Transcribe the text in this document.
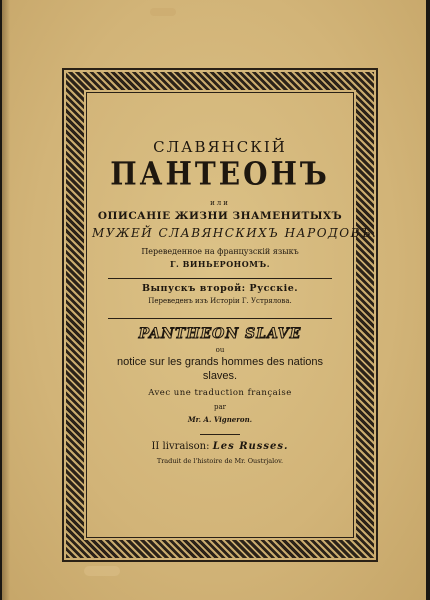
СЛАВЯНСКІЙ
ПАНТЕОНЪ
или
ОПИСАНІЕ ЖИЗНИ ЗНАМЕНИТЫХЪ
МУЖЕЙ СЛАВЯНСКИХЪ НАРОДОВЪ.
Переведенное на французскій языкъ
Г. ВИНЬЕРОНОМЪ.
Выпускъ второй: Русскіе.
Переведенъ изъ Исторіи Г. Устрялова.
PANTHEON SLAVE
ou
notice sur les grands hommes des nations
slaves.
Avec une traduction française
par
Mr. A. Vigneron.
II livraison: Les Russes.
Traduit de l'histoire de Mr. Oustrjalov.
